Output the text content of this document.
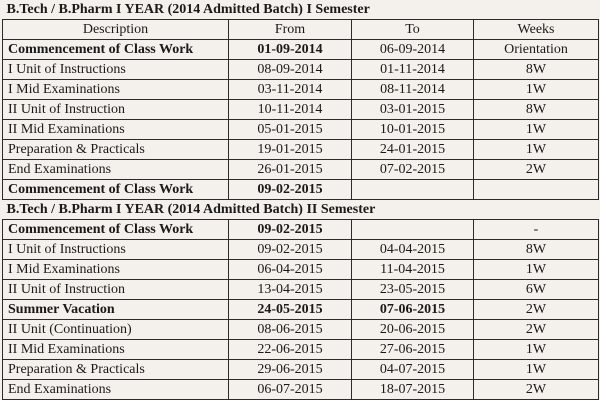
B.Tech / B.Pharm I YEAR (2014 Admitted Batch) I Semester			
Description	From	To	Weeks
Commencement of Class Work	01-09-2014	06-09-2014	Orientation
I Unit of Instructions	08-09-2014	01-11-2014	8W
I Mid Examinations	03-11-2014	08-11-2014	1W
II Unit of Instruction	10-11-2014	03-01-2015	8W
II Mid Examinations	05-01-2015	10-01-2015	1W
Preparation & Practicals	19-01-2015	24-01-2015	1W
End Examinations	26-01-2015	07-02-2015	2W
Commencement of Class Work	09-02-2015		
B.Tech / B.Pharm I YEAR (2014 Admitted Batch) II Semester			
Commencement of Class Work	09-02-2015		-
I Unit of Instructions	09-02-2015	04-04-2015	8W
I Mid Examinations	06-04-2015	11-04-2015	1W
II Unit of Instruction	13-04-2015	23-05-2015	6W
Summer Vacation	24-05-2015	07-06-2015	2W
II Unit (Continuation)	08-06-2015	20-06-2015	2W
II Mid Examinations	22-06-2015	27-06-2015	1W
Preparation & Practicals	29-06-2015	04-07-2015	1W
End Examinations	06-07-2015	18-07-2015	2W
